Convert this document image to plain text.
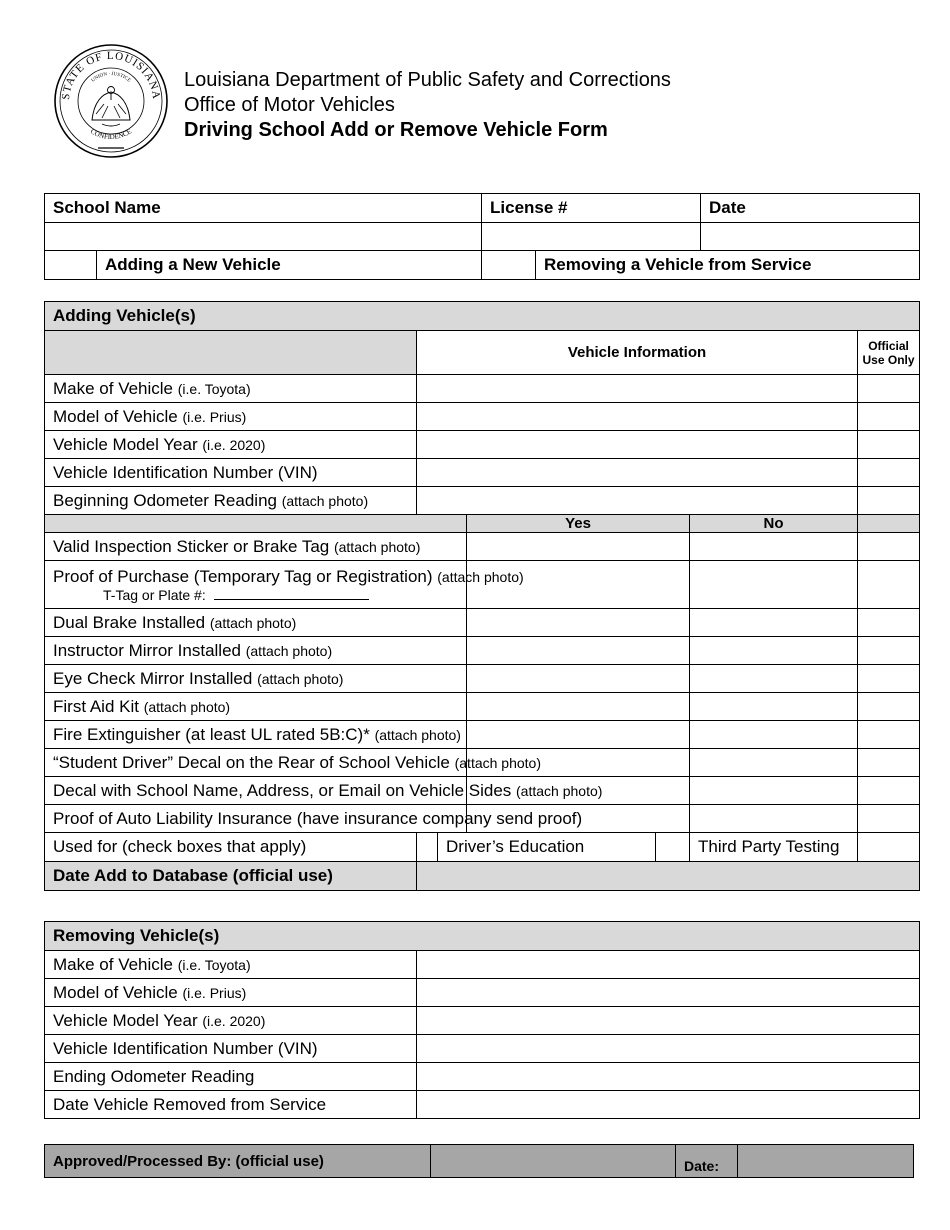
STATE OF LOUISIANA
CONFIDENCE
UNION · JUSTICE	Louisiana Department of Public Safety and Corrections
Office of Motor Vehicles
Driving School Add or Remove Vehicle Form
School Name		License #		Date

	Adding a New Vehicle		Removing a Vehicle from Service	
Adding Vehicle(s)						
	Vehicle Information					Official Use Only
Make of Vehicle (i.e. Toyota)						
Model of Vehicle (i.e. Prius)						
Vehicle Model Year (i.e. 2020)						
Vehicle Identification Number (VIN)						
Beginning Odometer Reading (attach photo)						
			Yes		No	
Valid Inspection Sticker or Brake Tag (attach photo)						
Proof of Purchase (Temporary Tag or Registration) (attach photo)
T-Tag or Plate #:						

Dual Brake Installed (attach photo)						
Instructor Mirror Installed (attach photo)						
Eye Check Mirror Installed (attach photo)						
First Aid Kit (attach photo)						
Fire Extinguisher (at least UL rated 5B:C)* (attach photo)						
“Student Driver” Decal on the Rear of School Vehicle (attach photo)						
Decal with School Name, Address, or Email on Vehicle Sides (attach photo)						
Proof of Auto Liability Insurance (have insurance company send proof)						
Used for (check boxes that apply)		Driver’s Education			Third Party Testing	
Date Add to Database (official use)						
Removing Vehicle(s)	
Make of Vehicle (i.e. Toyota)	
Model of Vehicle (i.e. Prius)	
Vehicle Model Year (i.e. 2020)	
Vehicle Identification Number (VIN)	
Ending Odometer Reading	
Date Vehicle Removed from Service	
Approved/Processed By: (official use)		Date:	
